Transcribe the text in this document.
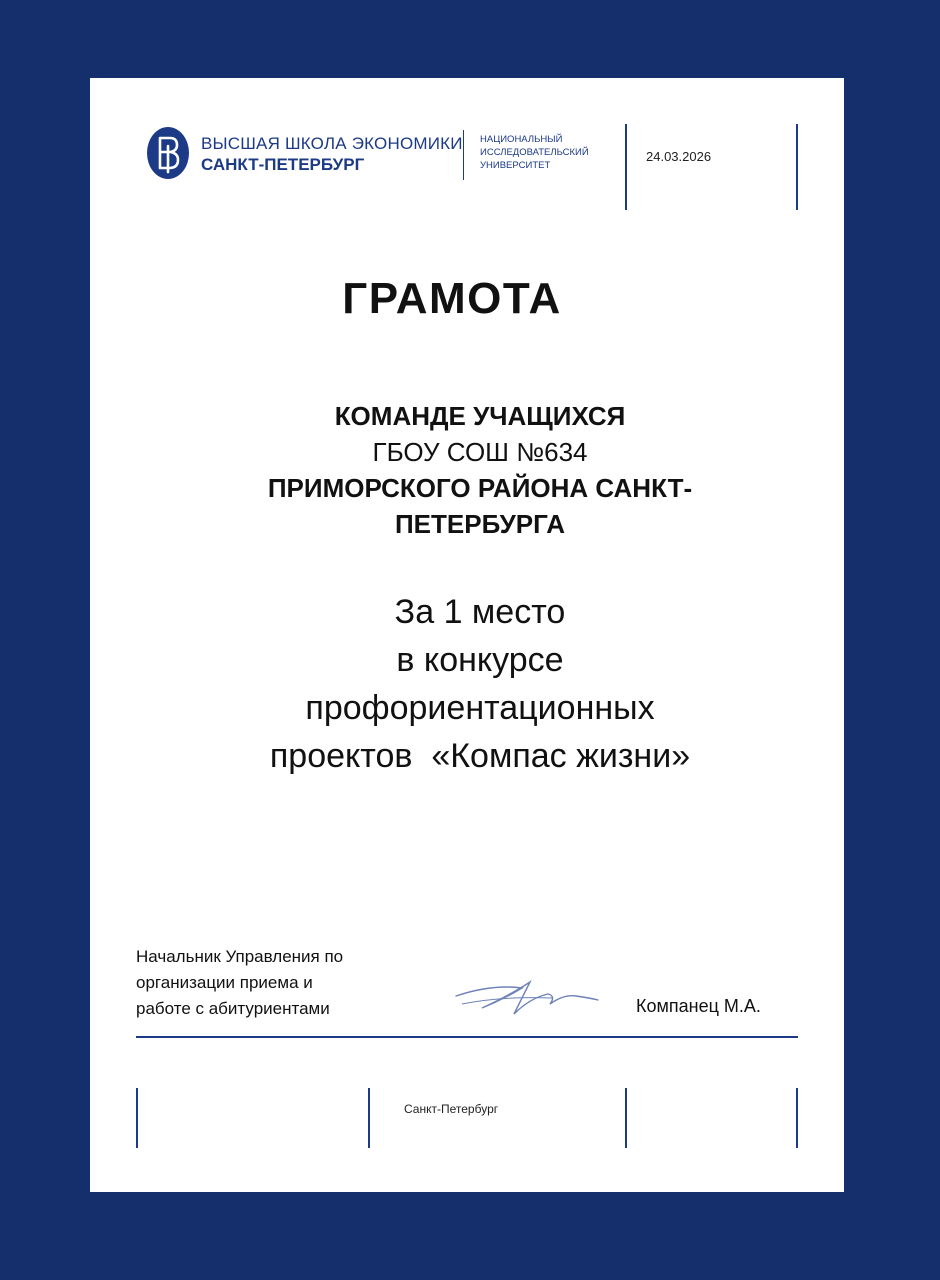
ВЫСШАЯ ШКОЛА ЭКОНОМИКИ
САНКТ-ПЕТЕРБУРГ
НАЦИОНАЛЬНЫЙ
ИССЛЕДОВАТЕЛЬСКИЙ
УНИВЕРСИТЕТ
24.03.2026
ГРАМОТА
КОМАНДЕ УЧАЩИХСЯ
ГБОУ СОШ №634
ПРИМОРСКОГО РАЙОНА САНКТ-ПЕТЕРБУРГА
За 1 место
в конкурсе
профориентационных
проектов  «Компас жизни»
Начальник Управления по
организации приема и
работе с абитуриентами	Компанец М.А.
Санкт-Петербург
